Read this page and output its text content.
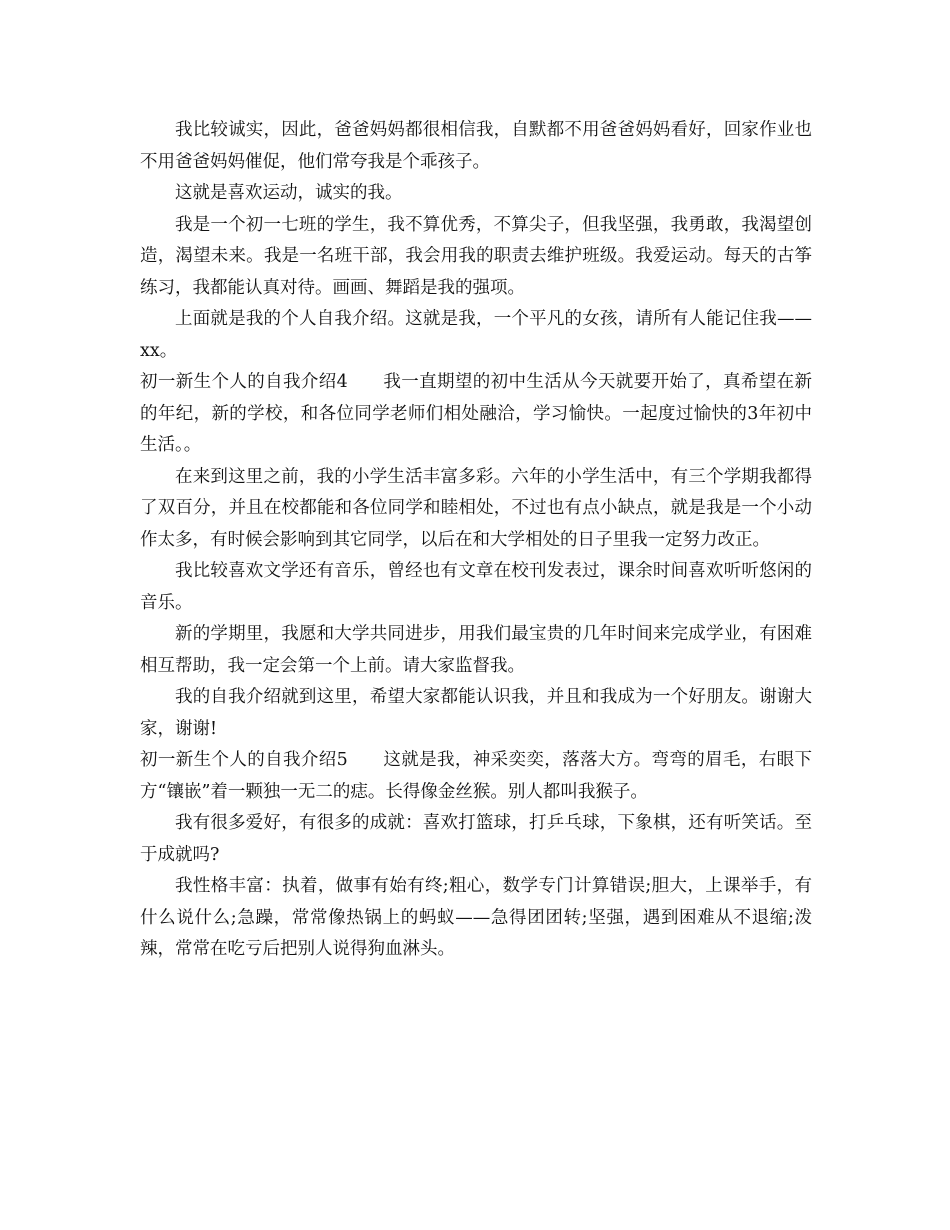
我比较诚实，因此，爸爸妈妈都很相信我，自默都不用爸爸妈妈看好，回家作业也不用爸爸妈妈催促，他们常夸我是个乖孩子。

这就是喜欢运动，诚实的我。

我是一个初一七班的学生，我不算优秀，不算尖子，但我坚强，我勇敢，我渴望创造，渴望未来。我是一名班干部，我会用我的职责去维护班级。我爱运动。每天的古筝练习，我都能认真对待。画画、舞蹈是我的强项。

上面就是我的个人自我介绍。这就是我，一个平凡的女孩，请所有人能记住我——xx。

初一新生个人的自我介绍4 我一直期望的初中生活从今天就要开始了，真希望在新的年纪，新的学校，和各位同学老师们相处融洽，学习愉快。一起度过愉快的3年初中生活。。

在来到这里之前，我的小学生活丰富多彩。六年的小学生活中，有三个学期我都得了双百分，并且在校都能和各位同学和睦相处，不过也有点小缺点，就是我是一个小动作太多，有时候会影响到其它同学，以后在和大学相处的日子里我一定努力改正。

我比较喜欢文学还有音乐，曾经也有文章在校刊发表过，课余时间喜欢听听悠闲的音乐。

新的学期里，我愿和大学共同进步，用我们最宝贵的几年时间来完成学业，有困难相互帮助，我一定会第一个上前。请大家监督我。

我的自我介绍就到这里，希望大家都能认识我，并且和我成为一个好朋友。谢谢大家，谢谢!

初一新生个人的自我介绍5 这就是我，神采奕奕，落落大方。弯弯的眉毛，右眼下方“镶嵌”着一颗独一无二的痣。长得像金丝猴。别人都叫我猴子。

我有很多爱好，有很多的成就：喜欢打篮球，打乒乓球，下象棋，还有听笑话。至于成就吗?

我性格丰富：执着，做事有始有终;粗心，数学专门计算错误;胆大，上课举手，有什么说什么;急躁，常常像热锅上的蚂蚁——急得团团转;坚强，遇到困难从不退缩;泼辣，常常在吃亏后把别人说得狗血淋头。
